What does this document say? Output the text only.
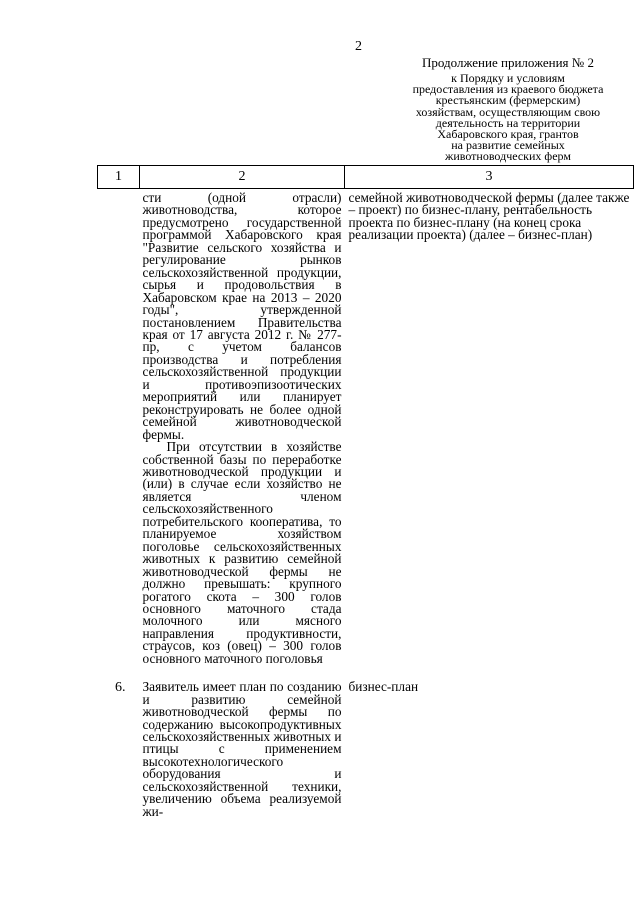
2
Продолжение приложения № 2
к Порядку и условиям
предоставления из краевого бюджета
крестьянским (фермерским)
хозяйствам, осуществляющим свою
деятельность на территории
Хабаровского края, грантов
на развитие семейных
животноводческих ферм
1	2	3

	сти (одной отрасли) животноводства, которое предусмотрено государственной программой Хабаровского края "Развитие сельского хозяйства и регулирование рынков сельскохозяйственной продукции, сырья и продовольствия в Хабаровском крае на 2013 – 2020 годы", утвержденной постановлением Правительства края от 17 августа 2012 г. № 277-пр, с учетом балансов производства и потребления сельскохозяйственной продукции и противоэпизоотических мероприятий или планирует реконструировать не более одной семейной животноводческой фермы.

При отсутствии в хозяйстве собственной базы по переработке животноводческой продукции и (или) в случае если хозяйство не является членом сельскохозяйственного потребительского кооператива, то планируемое хозяйством поголовье сельскохозяйственных животных к развитию семейной животноводческой фермы не должно превышать: крупного рогатого скота – 300 голов основного маточного стада молочного или мясного направления продуктивности, страусов, коз (овец) – 300 голов основного маточного поголовья	семейной животноводческой фермы (далее также – проект) по бизнес-плану, рентабельность проекта по бизнес-плану (на конец срока реализации проекта) (далее – бизнес-план)

6.	Заявитель имеет план по созданию и развитию семейной животноводческой фермы по содержанию высокопродуктивных сельскохозяйственных животных и птицы с применением высокотехнологического оборудования и сельскохозяйственной техники, увеличению объема реализуемой жи-	бизнес-план
